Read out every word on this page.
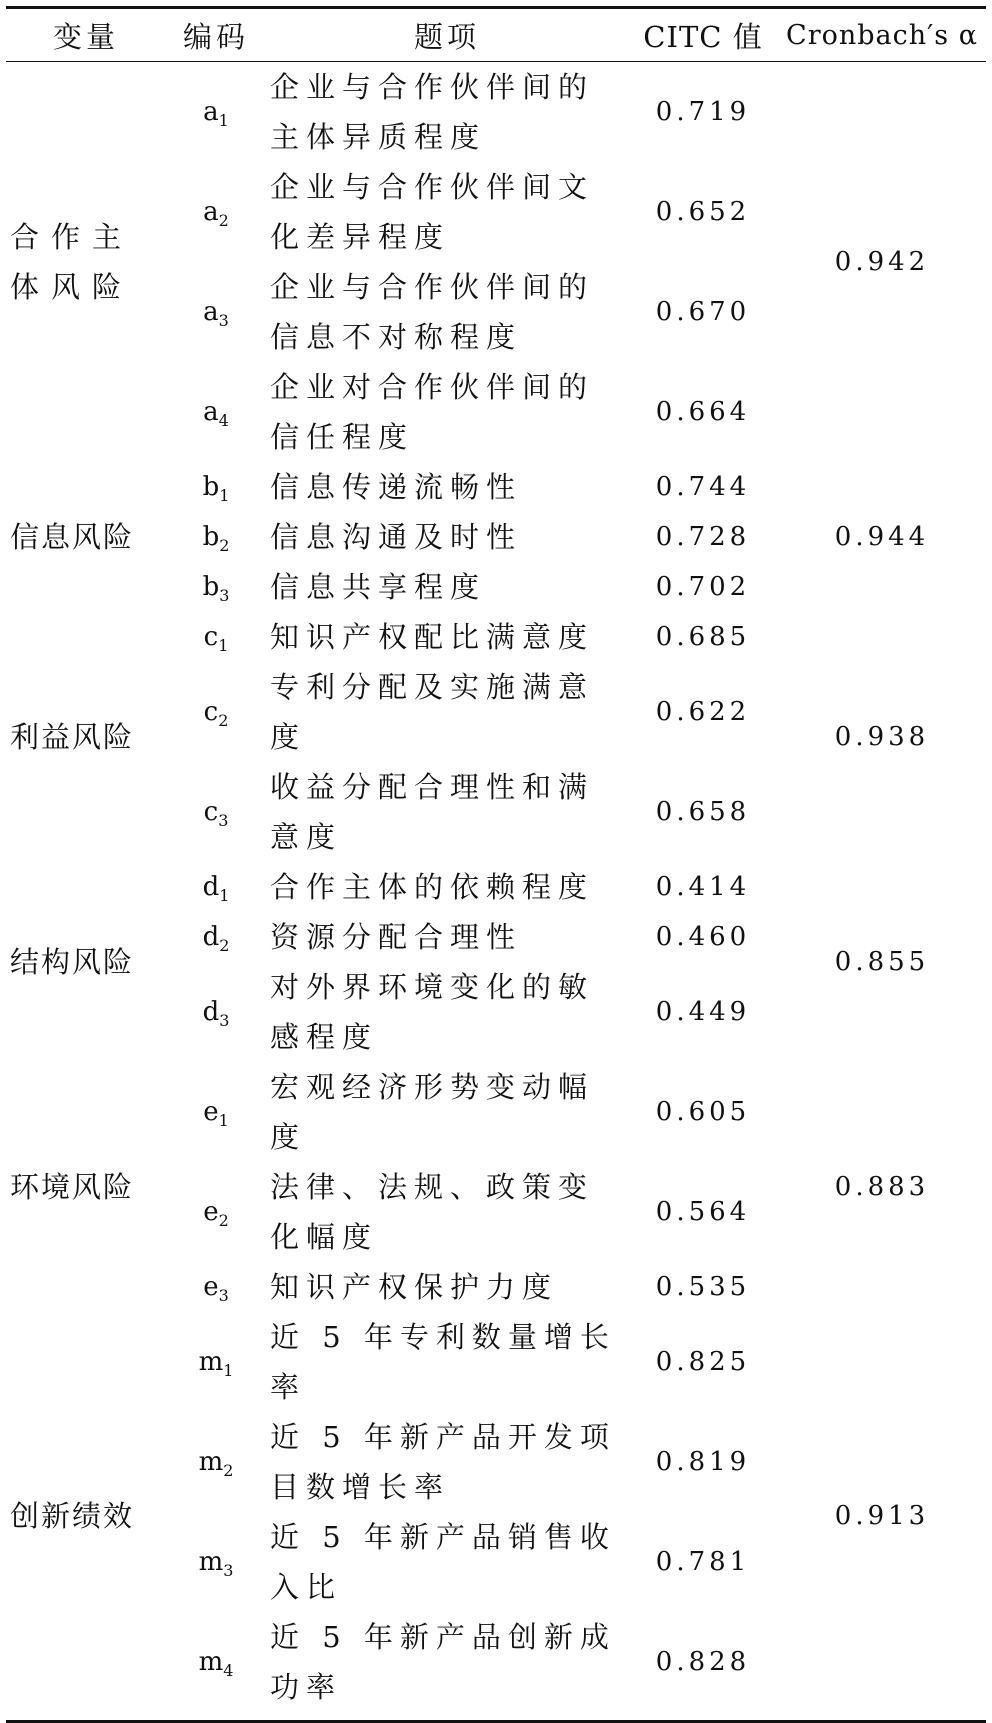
变量	编码	题项	CITC 值	Cronbach′s α
合作主体风险	$a_1$	企业与合作伙伴间的主体异质程度	0.719	0.942
	$a_2$	企业与合作伙伴间文化差异程度	0.652	
	$a_3$	企业与合作伙伴间的信息不对称程度	0.670	
	$a_4$	企业对合作伙伴间的信任程度	0.664	
信息风险	$b_1$	信息传递流畅性	0.744	0.944
	$b_2$	信息沟通及时性	0.728	
	$b_3$	信息共享程度	0.702	
利益风险	$c_1$	知识产权配比满意度	0.685	0.938
	$c_2$	专利分配及实施满意度	0.622	
	$c_3$	收益分配合理性和满意度	0.658	
结构风险	$d_1$	合作主体的依赖程度	0.414	0.855
	$d_2$	资源分配合理性	0.460	
	$d_3$	对外界环境变化的敏感程度	0.449	
环境风险	$e_1$	宏观经济形势变动幅度	0.605	0.883
	$e_2$	法律、法规、政策变化幅度	0.564	
	$e_3$	知识产权保护力度	0.535	
创新绩效	$m_1$	近 5 年专利数量增长率	0.825	0.913
	$m_2$	近 5 年新产品开发项目数增长率	0.819	
	$m_3$	近 5 年新产品销售收入比	0.781	
	$m_4$	近 5 年新产品创新成功率	0.828	
